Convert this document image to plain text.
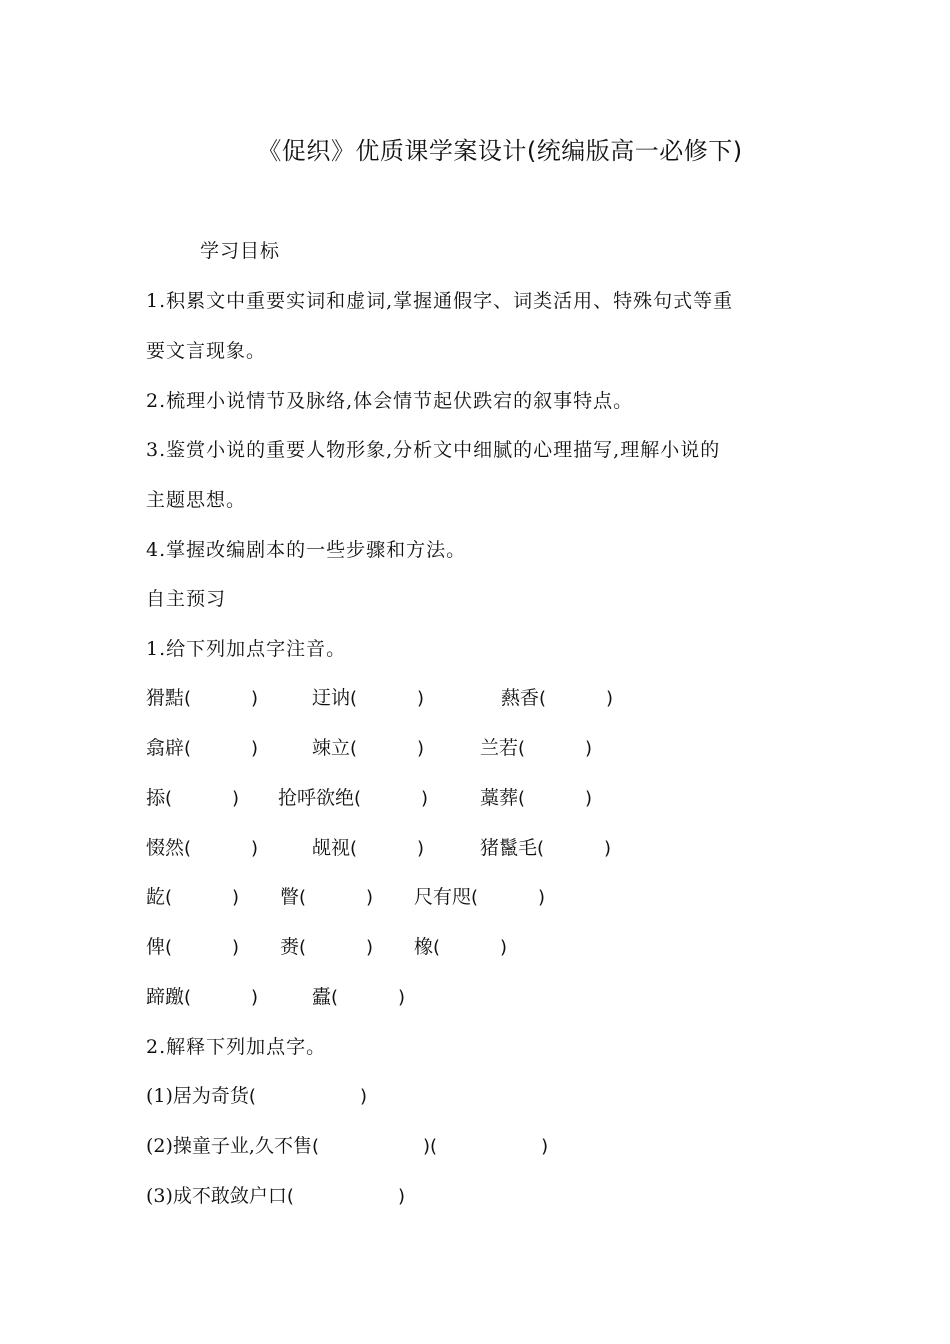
《促织》优质课学案设计(统编版高一必修下)
学习目标
1.积累文中重要实词和虚词,掌握通假字、词类活用、特殊句式等重
要文言现象。
2.梳理小说情节及脉络,体会情节起伏跌宕的叙事特点。
3.鉴赏小说的重要人物形象,分析文中细腻的心理描写,理解小说的
主题思想。
4.掌握改编剧本的一些步骤和方法。
自主预习
1.给下列加点字注音。
猾黠(	)	迂讷(	)	爇香(	)
翕辟(	)	竦立(	)	兰若(	)
掭(	) 抢呼欲绝(	)	藁葬(	)
惙然(	)	觇视(	)	猪鬣毛(	)
龁(	) 瞥(	) 尺有咫(	)
俾(	) 赉(	) 橡(	)
蹄躈(	)	蠹(	)
2.解释下列加点字。
(1)居为奇货(	)
(2)操童子业,久不售(	)(	)
(3)成不敢敛户口(	)
